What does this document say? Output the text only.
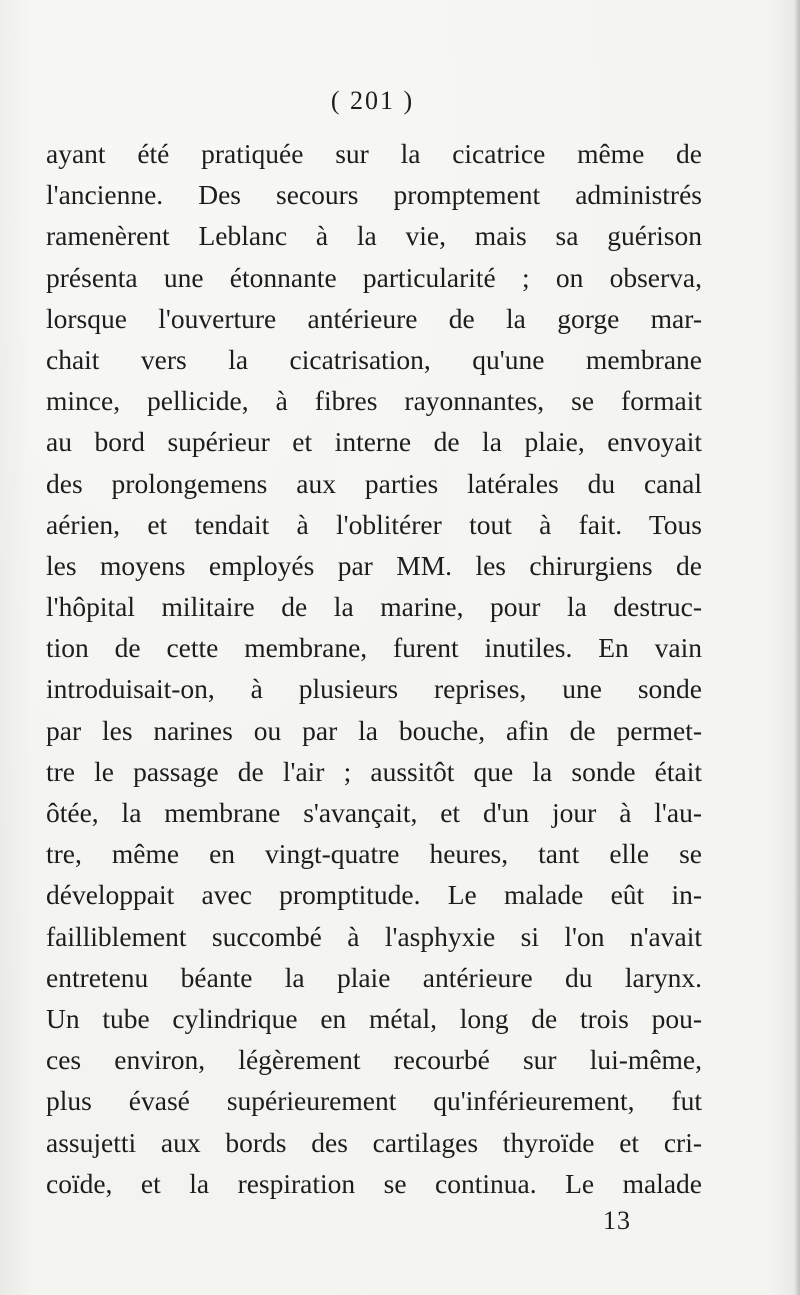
( 201 )
ayant été pratiquée sur la cicatrice même de
l'ancienne. Des secours promptement administrés
ramenèrent Leblanc à la vie, mais sa guérison
présenta une étonnante particularité ; on observa,
lorsque l'ouverture antérieure de la gorge mar-
chait vers la cicatrisation, qu'une membrane
mince, pellicide, à fibres rayonnantes, se formait
au bord supérieur et interne de la plaie, envoyait
des prolongemens aux parties latérales du canal
aérien, et tendait à l'oblitérer tout à fait. Tous
les moyens employés par MM. les chirurgiens de
l'hôpital militaire de la marine, pour la destruc-
tion de cette membrane, furent inutiles. En vain
introduisait-on, à plusieurs reprises, une sonde
par les narines ou par la bouche, afin de permet-
tre le passage de l'air ; aussitôt que la sonde était
ôtée, la membrane s'avançait, et d'un jour à l'au-
tre, même en vingt-quatre heures, tant elle se
développait avec promptitude. Le malade eût in-
failliblement succombé à l'asphyxie si l'on n'avait
entretenu béante la plaie antérieure du larynx.
Un tube cylindrique en métal, long de trois pou-
ces environ, légèrement recourbé sur lui-même,
plus évasé supérieurement qu'inférieurement, fut
assujetti aux bords des cartilages thyroïde et cri-
coïde, et la respiration se continua. Le malade
13
